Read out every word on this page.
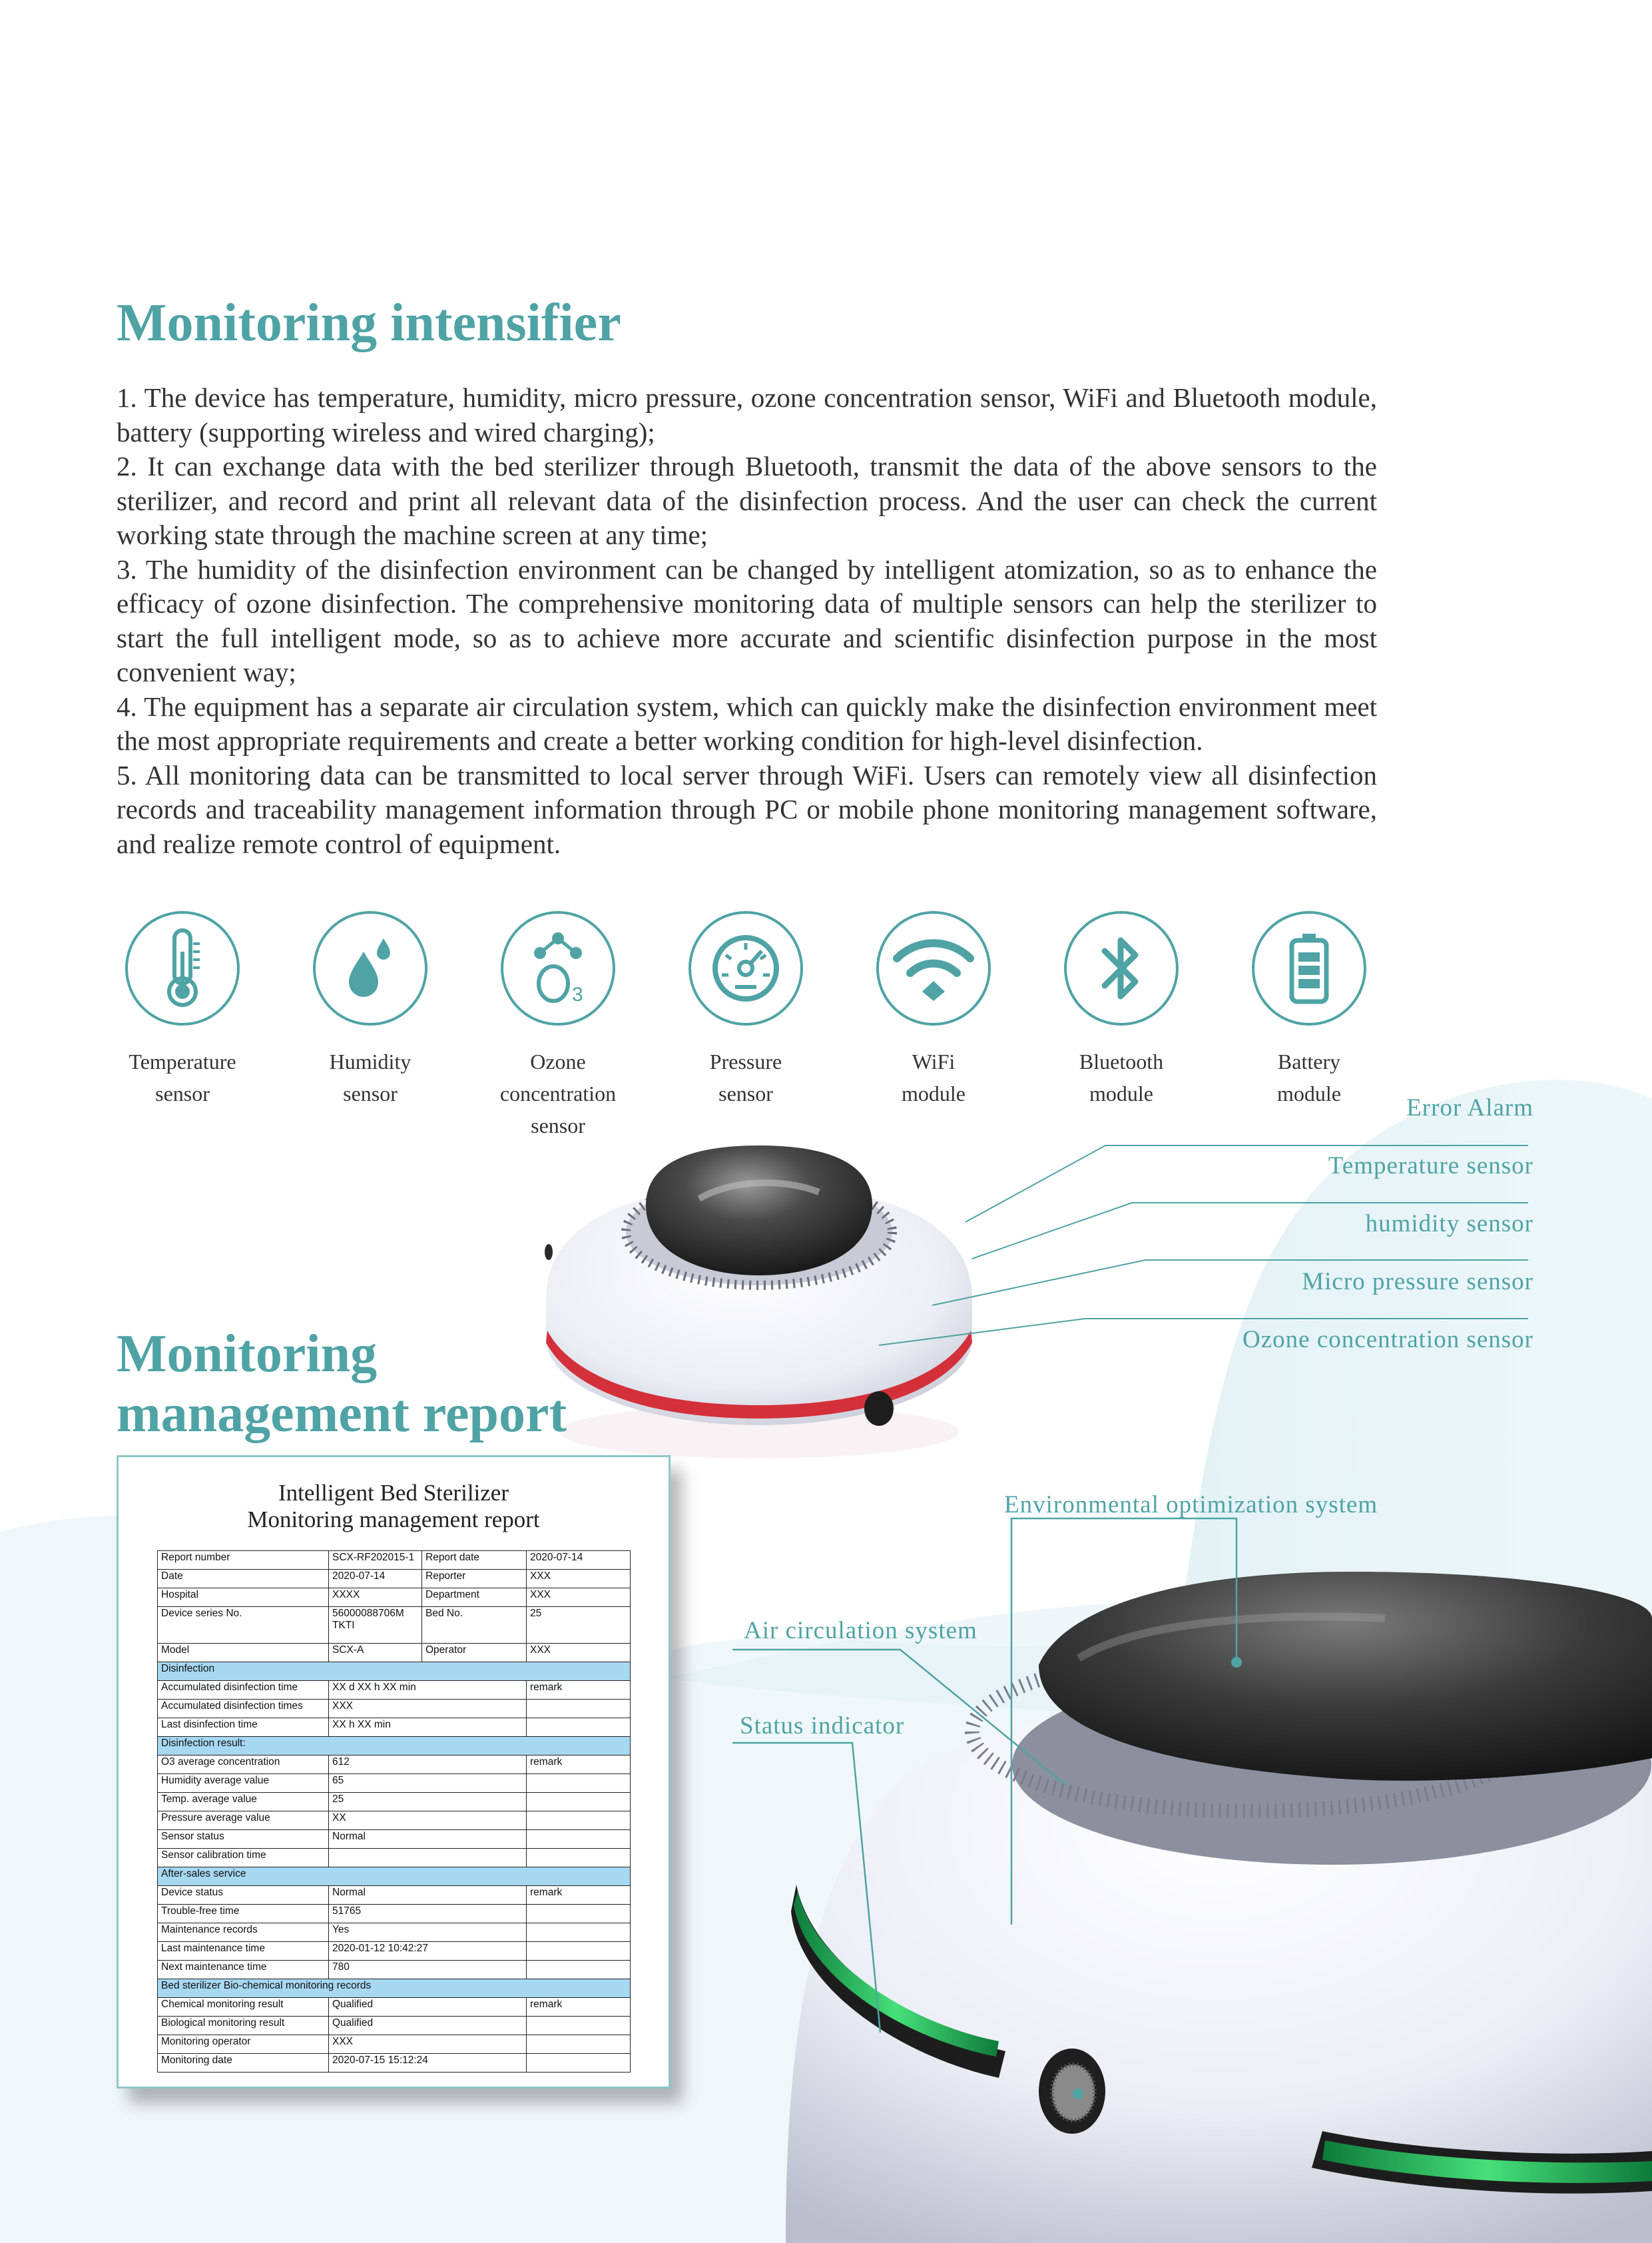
Monitoring intensifier

1. The device has temperature, humidity, micro pressure, ozone concentration sensor, WiFi and Bluetooth module, battery (supporting wireless and wired charging);

2. It can exchange data with the bed sterilizer through Bluetooth, transmit the data of the above sensors to the sterilizer, and record and print all relevant data of the disinfection process. And the user can check the current working state through the machine screen at any time;

3. The humidity of the disinfection environment can be changed by intelligent atomization, so as to enhance the efficacy of ozone disinfection. The comprehensive monitoring data of multiple sensors can help the sterilizer to start the full intelligent mode, so as to achieve more accurate and scientific disinfection purpose in the most convenient way;

4. The equipment has a separate air circulation system, which can quickly make the disinfection environment meet the most appropriate requirements and create a better working condition for high-level disinfection.

5. All monitoring data can be transmitted to local server through WiFi. Users can remotely view all disinfection records and traceability management information through PC or mobile phone monitoring management software, and realize remote control of equipment.

Temperature
sensor
Humidity
sensor
3
Ozone concentration
sensor
Pressure
sensor
WiFi
module
Bluetooth
module
Battery
module
Error Alarm
Temperature sensor
humidity sensor
Micro pressure sensor
Ozone concentration sensor
Monitoring management report
Environmental optimization system
Air circulation system
Status indicator
Intelligent Bed Sterilizer
Monitoring management report
Report number	SCX-RF202015-1	Report date	2020-07-14
Date	2020-07-14	Reporter	XXX
Hospital	XXXX	Department	XXX
Device series No.	56000088706M TKTI	Bed No.	25
Model	SCX-A	Operator	XXX
Disinfection			
Accumulated disinfection time	XX d XX h XX min		remark
Accumulated disinfection times	XXX		
Last disinfection time	XX h XX min		
Disinfection result:			
O3 average concentration	612		remark
Humidity average value	65		
Temp. average value	25		
Pressure average value	XX		
Sensor status	Normal		
Sensor calibration time			
After-sales service			
Device status	Normal		remark
Trouble-free time	51765		
Maintenance records	Yes		
Last maintenance time	2020-01-12 10:42:27		
Next maintenance time	780		
Bed sterilizer Bio-chemical monitoring records			
Chemical monitoring result	Qualified		remark
Biological monitoring result	Qualified		
Monitoring operator	XXX		
Monitoring date	2020-07-15 15:12:24		
